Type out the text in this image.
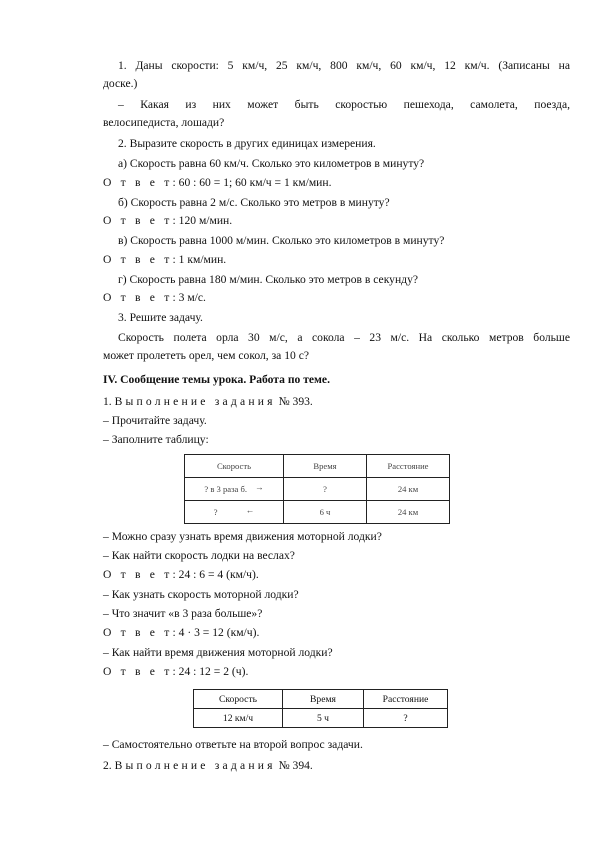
1. Даны скорости: 5 км/ч, 25 км/ч, 800 км/ч, 60 км/ч, 12 км/ч. (Записаны на
доске.)
– Какая из них может быть скоростью пешехода, самолета, поезда,
велосипедиста, лошади?
2. Выразите скорость в других единицах измерения.
а) Скорость равна 60 км/ч. Сколько это километров в минуту?
О т в е т: 60 : 60 = 1; 60 км/ч = 1 км/мин.
б) Скорость равна 2 м/с. Сколько это метров в минуту?
О т в е т: 120 м/мин.
в) Скорость равна 1000 м/мин. Сколько это километров в минуту?
О т в е т: 1 км/мин.
г) Скорость равна 180 м/мин. Сколько это метров в секунду?
О т в е т: 3 м/с.
3. Решите задачу.
Скорость полета орла 30 м/с, а сокола – 23 м/с. На сколько метров больше
может пролететь орел, чем сокол, за 10 с?
IV. Сообщение темы урока. Работа по теме.
1. Выполнение задания № 393.
– Прочитайте задачу.
– Заполните таблицу:
Скорость	Время	Расстояние
? в 3 раза б. →	?	24 км
? ←	6 ч	24 км
– Можно сразу узнать время движения моторной лодки?
– Как найти скорость лодки на веслах?
О т в е т: 24 : 6 = 4 (км/ч).
– Как узнать скорость моторной лодки?
– Что значит «в 3 раза больше»?
О т в е т: 4 · 3 = 12 (км/ч).
– Как найти время движения моторной лодки?
О т в е т: 24 : 12 = 2 (ч).
Скорость	Время	Расстояние
12 км/ч	5 ч	?
– Самостоятельно ответьте на второй вопрос задачи.
2. Выполнение задания № 394.
